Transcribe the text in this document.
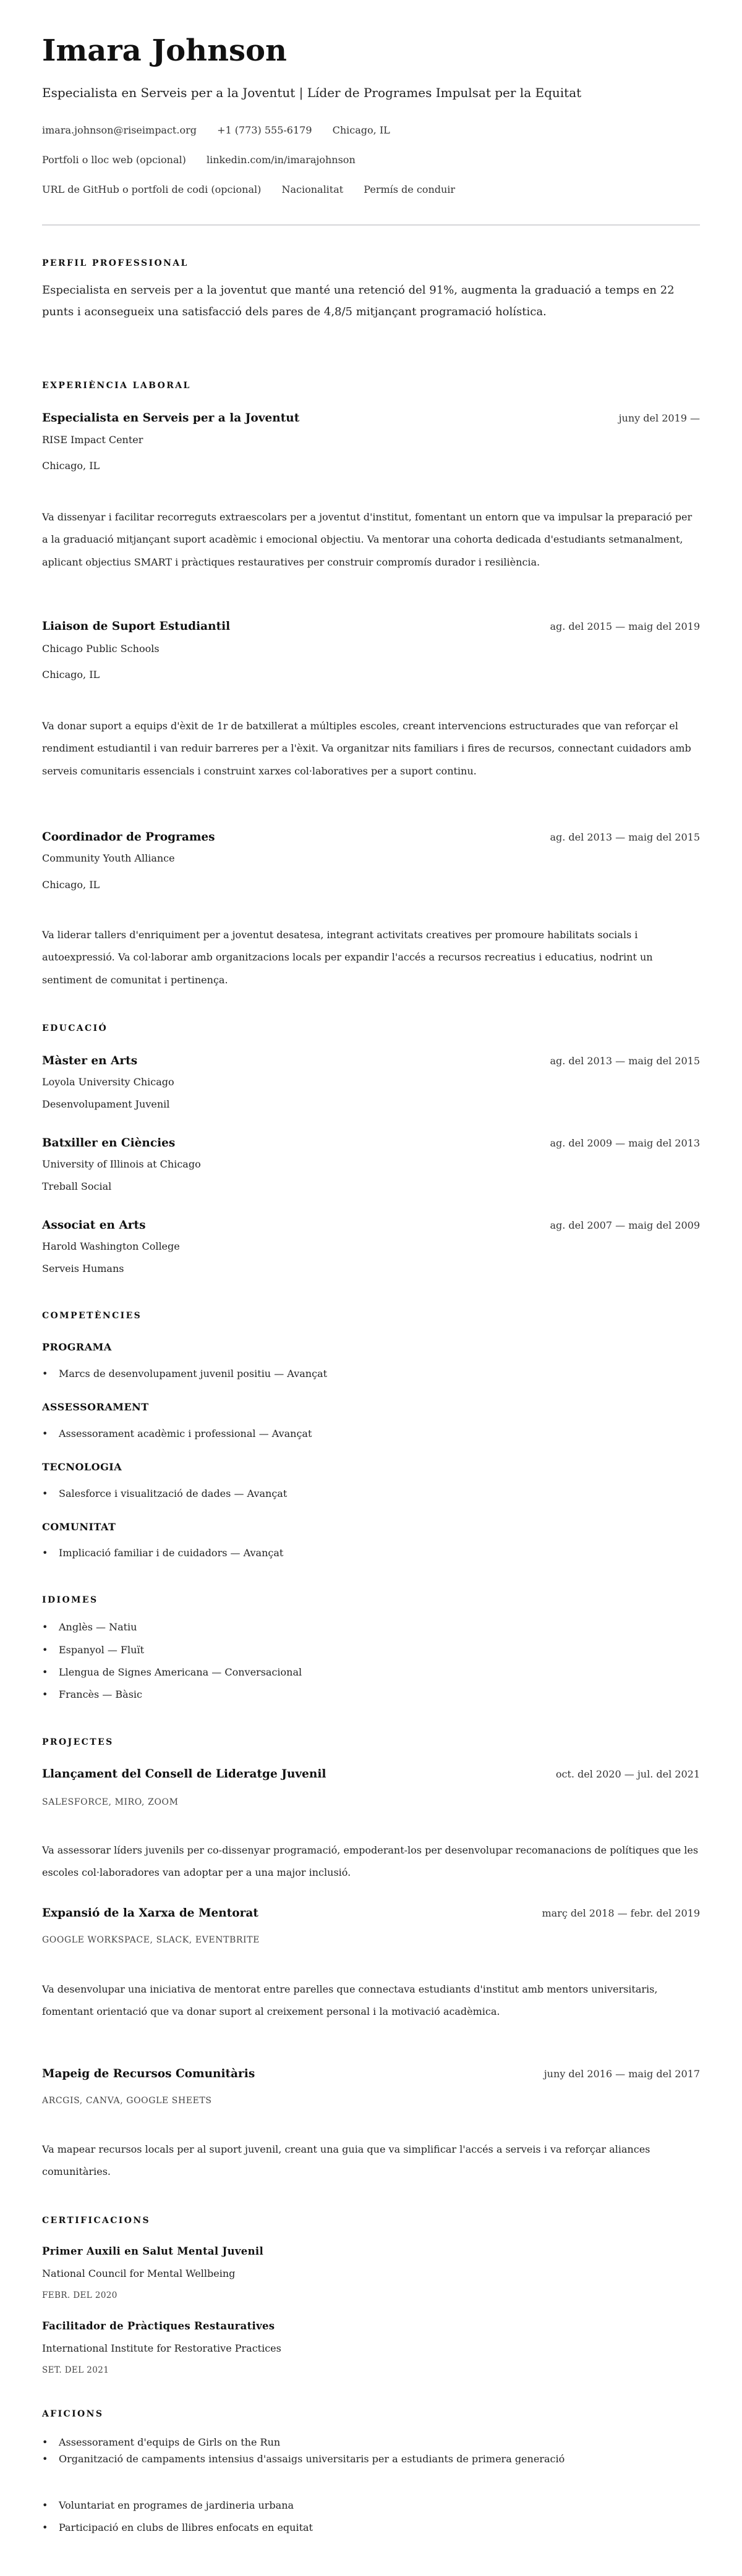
Imara Johnson
Especialista en Serveis per a la Joventut | Líder de Programes Impulsat per la Equitat
imara.johnson@riseimpact.org +1 (773) 555-6179 Chicago, IL
Portfoli o lloc web (opcional) linkedin.com/in/imarajohnson
URL de GitHub o portfoli de codi (opcional) Nacionalitat Permís de conduir
PERFIL PROFESSIONAL
Especialista en serveis per a la joventut que manté una retenció del 91%, augmenta la graduació a temps en 22 punts i aconsegueix una satisfacció dels pares de 4,8/5 mitjançant programació holística.
EXPERIÈNCIA LABORAL
Especialista en Serveis per a la Joventut	juny del 2019 —
RISE Impact Center
Chicago, IL
Va dissenyar i facilitar recorreguts extraescolars per a joventut d'institut, fomentant un entorn que va impulsar la preparació per a la graduació mitjançant suport acadèmic i emocional objectiu. Va mentorar una cohorta dedicada d'estudiants setmanalment, aplicant objectius SMART i pràctiques restauratives per construir compromís durador i resiliència.
Liaison de Suport Estudiantil	ag. del 2015 — maig del 2019
Chicago Public Schools
Chicago, IL
Va donar suport a equips d'èxit de 1r de batxillerat a múltiples escoles, creant intervencions estructurades que van reforçar el rendiment estudiantil i van reduir barreres per a l'èxit. Va organitzar nits familiars i fires de recursos, connectant cuidadors amb serveis comunitaris essencials i construint xarxes col·laboratives per a suport continu.
Coordinador de Programes	ag. del 2013 — maig del 2015
Community Youth Alliance
Chicago, IL
Va liderar tallers d'enriquiment per a joventut desatesa, integrant activitats creatives per promoure habilitats socials i autoexpressió. Va col·laborar amb organitzacions locals per expandir l'accés a recursos recreatius i educatius, nodrint un sentiment de comunitat i pertinença.
EDUCACIÓ
Màster en Arts	ag. del 2013 — maig del 2015
Loyola University Chicago
Desenvolupament Juvenil
Batxiller en Ciències	ag. del 2009 — maig del 2013
University of Illinois at Chicago
Treball Social
Associat en Arts	ag. del 2007 — maig del 2009
Harold Washington College
Serveis Humans
COMPETÈNCIES
PROGRAMA
• Marcs de desenvolupament juvenil positiu — Avançat
ASSESSORAMENT
• Assessorament acadèmic i professional — Avançat
TECNOLOGIA
• Salesforce i visualització de dades — Avançat
COMUNITAT
• Implicació familiar i de cuidadors — Avançat
IDIOMES
• Anglès — Natiu
• Espanyol — Fluït
• Llengua de Signes Americana — Conversacional
• Francès — Bàsic
PROJECTES
Llançament del Consell de Lideratge Juvenil	oct. del 2020 — jul. del 2021
SALESFORCE, MIRO, ZOOM
Va assessorar líders juvenils per co-dissenyar programació, empoderant-los per desenvolupar recomanacions de polítiques que les escoles col·laboradores van adoptar per a una major inclusió.
Expansió de la Xarxa de Mentorat	març del 2018 — febr. del 2019
GOOGLE WORKSPACE, SLACK, EVENTBRITE
Va desenvolupar una iniciativa de mentorat entre parelles que connectava estudiants d'institut amb mentors universitaris, fomentant orientació que va donar suport al creixement personal i la motivació acadèmica.
Mapeig de Recursos Comunitàris	juny del 2016 — maig del 2017
ARCGIS, CANVA, GOOGLE SHEETS
Va mapear recursos locals per al suport juvenil, creant una guia que va simplificar l'accés a serveis i va reforçar aliances comunitàries.
CERTIFICACIONS
Primer Auxili en Salut Mental Juvenil
National Council for Mental Wellbeing
FEBR. DEL 2020
Facilitador de Pràctiques Restauratives
International Institute for Restorative Practices
SET. DEL 2021
AFICIONS
• Assessorament d'equips de Girls on the Run
• Organització de campaments intensius d'assaigs universitaris per a estudiants de primera generació
• Voluntariat en programes de jardineria urbana
• Participació en clubs de llibres enfocats en equitat
